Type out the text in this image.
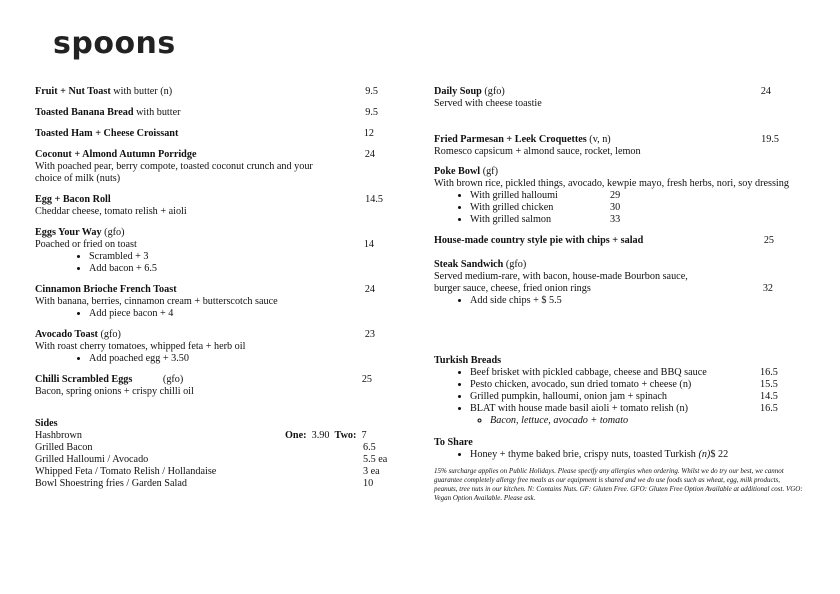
spoons
Fruit + Nut Toast with butter (n)	9.5
Toasted Banana Bread with butter	9.5
Toasted Ham + Cheese Croissant	12
Coconut + Almond Autumn Porridge	24
With poached pear, berry compote, toasted coconut crunch and your choice of milk (nuts)
Egg + Bacon Roll	14.5
Cheddar cheese, tomato relish + aioli
Eggs Your Way (gfo)
Poached or fried on toast	14
• Scrambled + 3
• Add bacon + 6.5
Cinnamon Brioche French Toast	24
With banana, berries, cinnamon cream + butterscotch sauce
• Add piece bacon + 4
Avocado Toast (gfo)	23
With roast cherry tomatoes, whipped feta + herb oil
• Add poached egg + 3.50
Chilli Scrambled Eggs            (gfo)	25
Bacon, spring onions + crispy chilli oil
Sides
Hashbrown	One: 3.90 Two: 7
Grilled Bacon	6.5
Grilled Halloumi / Avocado	5.5 ea
Whipped Feta / Tomato Relish / Hollandaise	3 ea
Bowl Shoestring fries / Garden Salad	10
Daily Soup (gfo)	24
Served with cheese toastie
Fried Parmesan + Leek Croquettes (v, n)	19.5
Romesco capsicum + almond sauce, rocket, lemon
Poke Bowl (gf)
With brown rice, pickled things, avocado, kewpie mayo, fresh herbs, nori, soy dressing
• With grilled halloumi	29
• With grilled chicken	30
• With grilled salmon	33
House-made country style pie with chips + salad	25
Steak Sandwich (gfo)
Served medium-rare, with bacon, house-made Bourbon sauce,
burger sauce, cheese, fried onion rings	32
• Add side chips + $ 5.5
Turkish Breads
• Beef brisket with pickled cabbage, cheese and BBQ sauce	16.5
• Pesto chicken, avocado, sun dried tomato + cheese (n)	15.5
• Grilled pumpkin, halloumi, onion jam + spinach	14.5
• BLAT with house made basil aioli + tomato relish (n)	16.5
◦ Bacon, lettuce, avocado + tomato
To Share
• Honey + thyme baked brie, crispy nuts, toasted Turkish (n)$ 22
15% surcharge applies on Public Holidays. Please specify any allergies when ordering. Whilst we do try our best, we cannot guarantee completely allergy free meals as our equipment is shared and we do use foods such as wheat, egg, milk products, peanuts, tree nuts in our kitchen. N: Contains Nuts. GF: Gluten Free. GFO: Gluten Free Option Available at additional cost. VGO: Vegan Option Available. Please ask.
